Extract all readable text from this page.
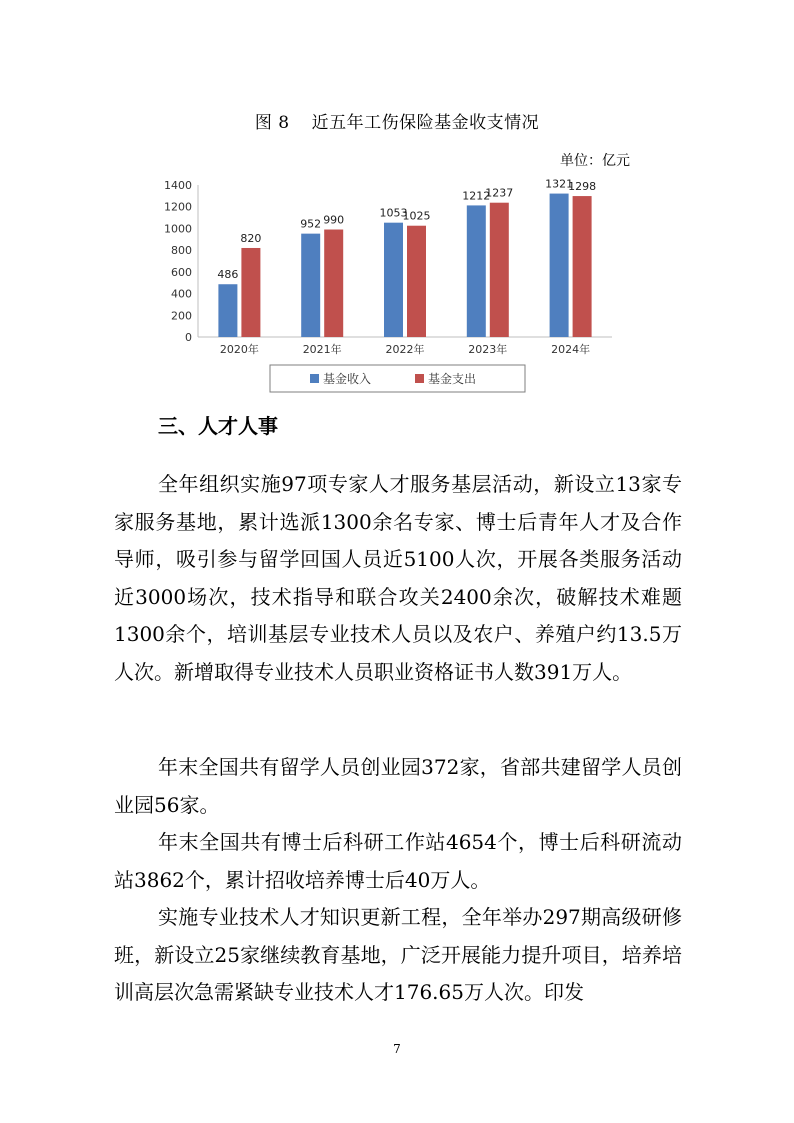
图 8 近五年工伤保险基金收支情况
单位：亿元
0
200
400
600
800
1000
1200
1400
2020年
486
820
2021年
952 990
2022年
1053
1025
2023年
1212
1237
2024年
1321
1298
基金收入	基金支出
三、人才人事

全年组织实施97项专家人才服务基层活动，新设立13家专家服务基地，累计选派1300余名专家、博士后青年人才及合作导师，吸引参与留学回国人员近5100人次，开展各类服务活动近3000场次，技术指导和联合攻关2400余次，破解技术难题1300余个，培训基层专业技术人员以及农户、养殖户约13.5万人次。新增取得专业技术人员职业资格证书人数391万人。

年末全国共有留学人员创业园372家，省部共建留学人员创业园56家。

年末全国共有博士后科研工作站4654个，博士后科研流动站3862个，累计招收培养博士后40万人。

实施专业技术人才知识更新工程，全年举办297期高级研修班，新设立25家继续教育基地，广泛开展能力提升项目，培养培训高层次急需紧缺专业技术人才176.65万人次。印发

7
